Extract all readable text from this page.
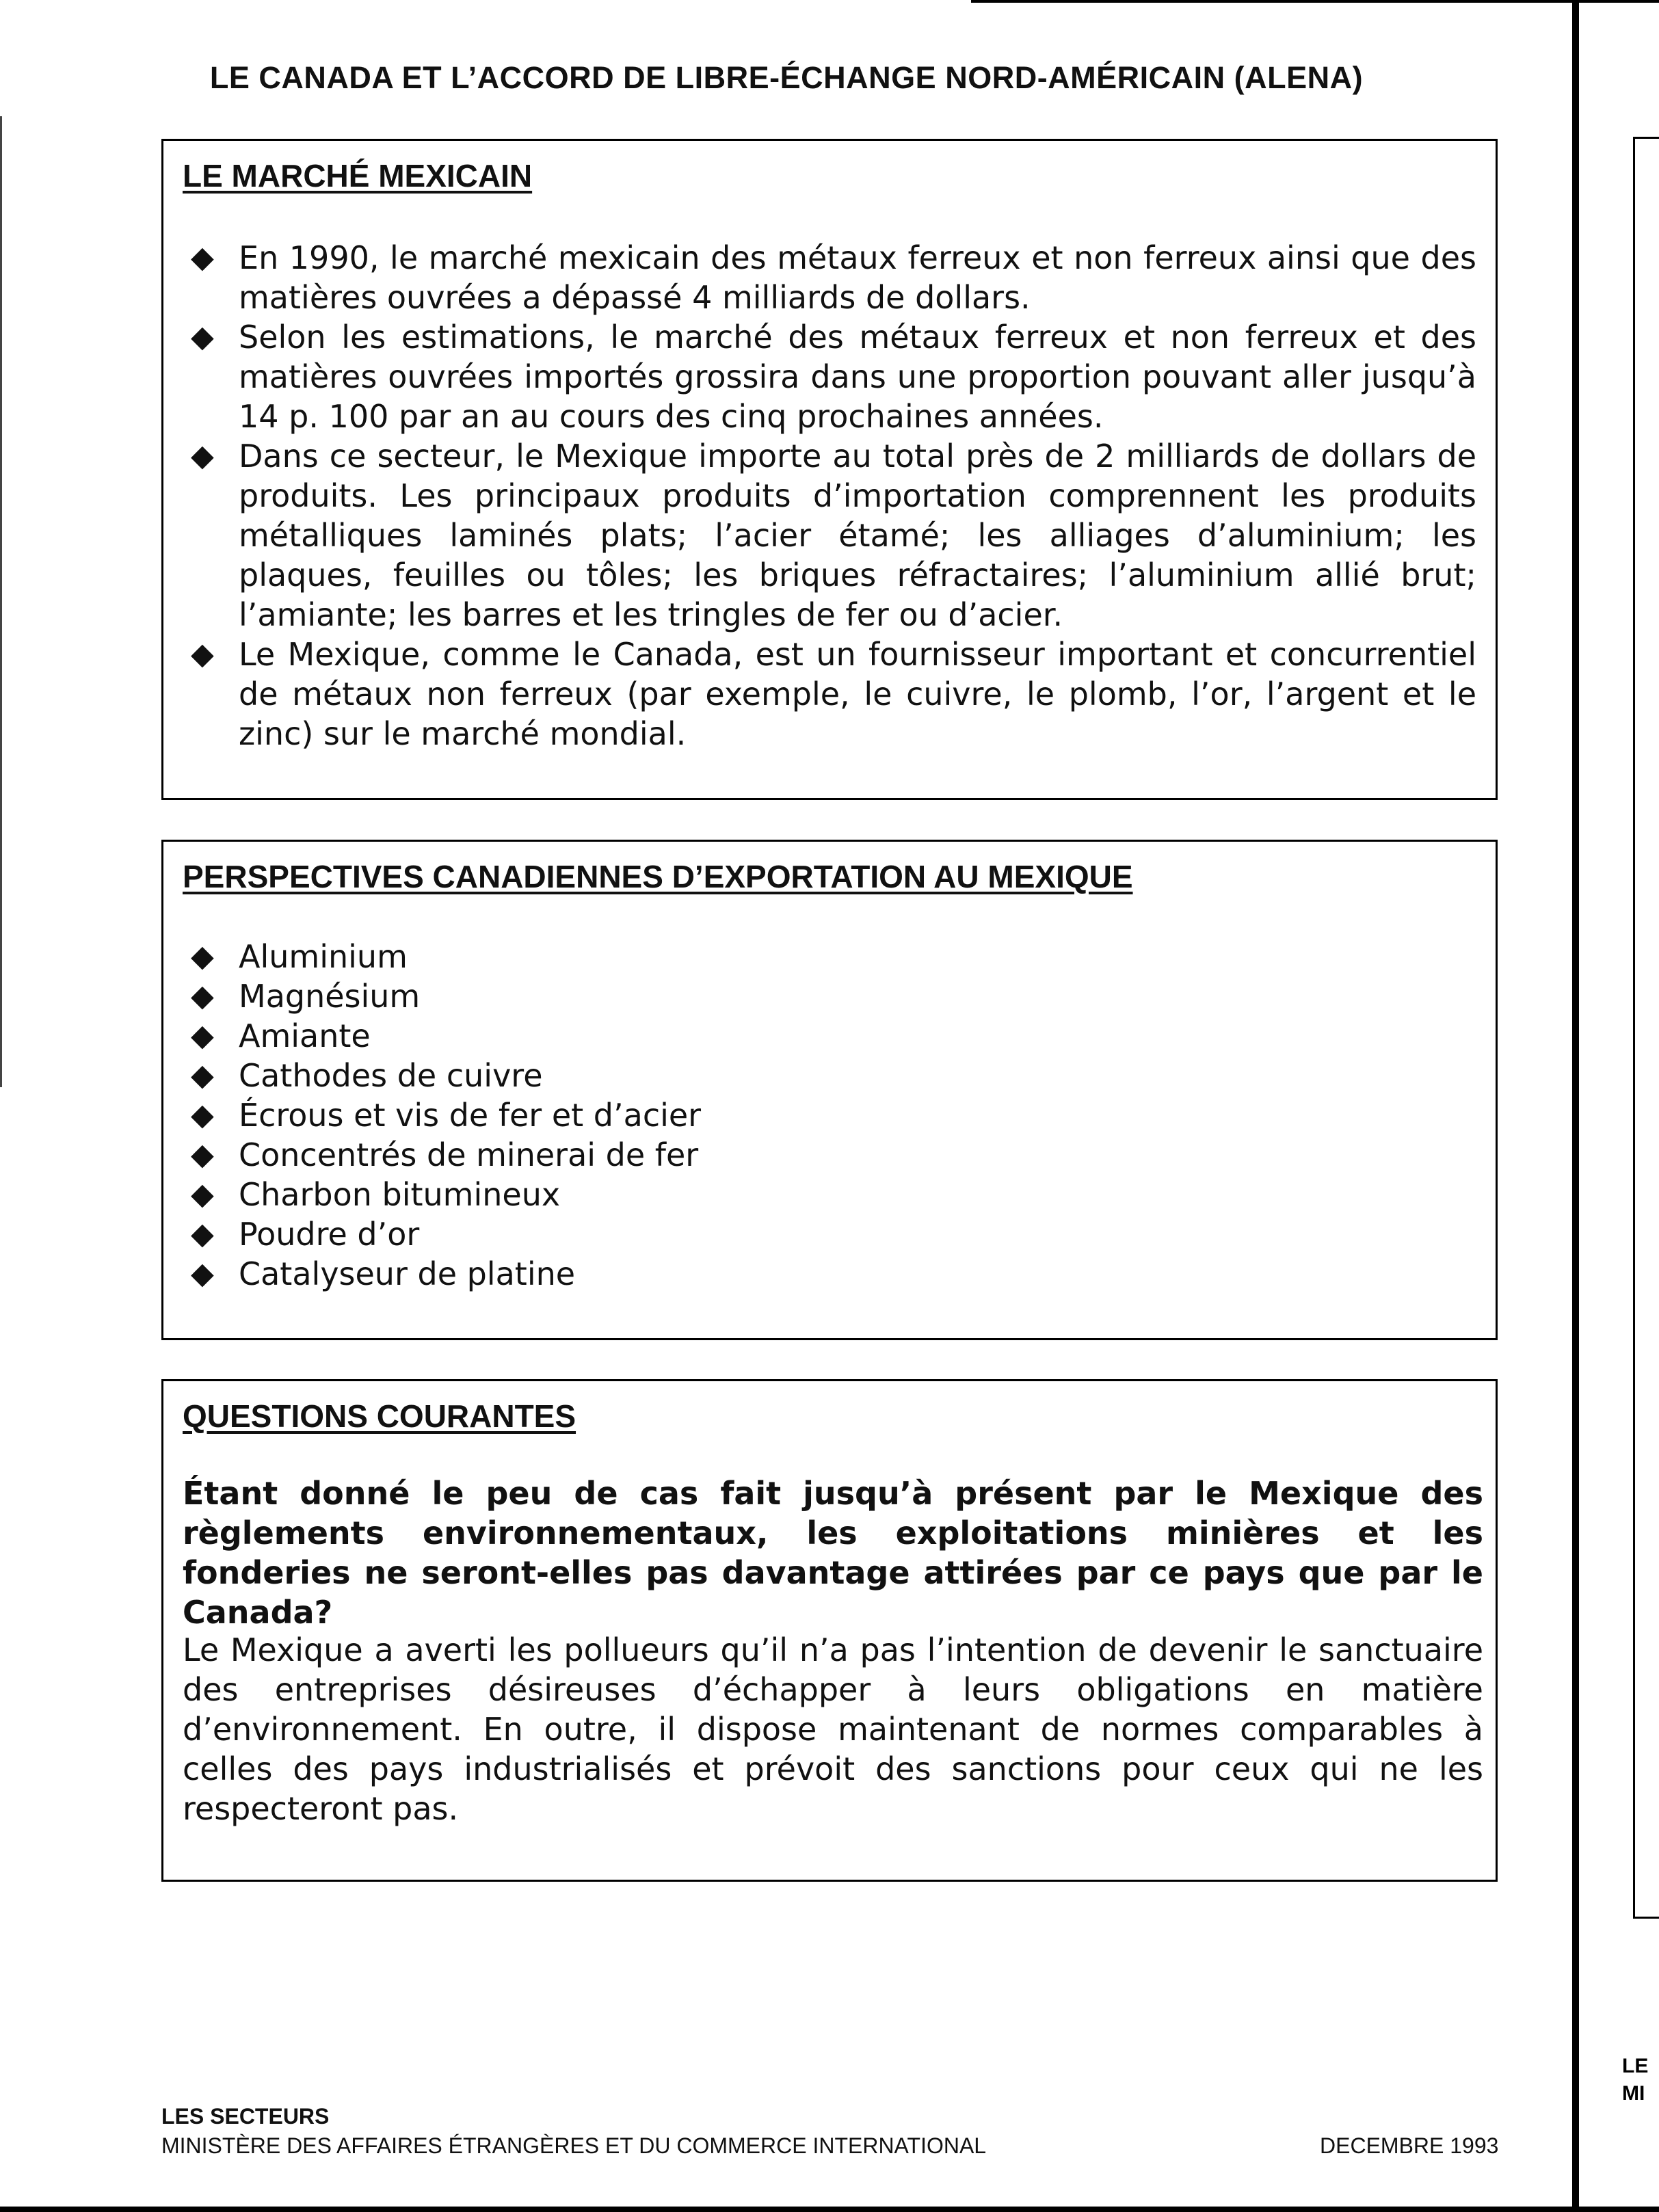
LE
MI
LE CANADA ET L’ACCORD DE LIBRE-ÉCHANGE NORD-AMÉRICAIN (ALENA)
LE MARCHÉ MEXICAIN
◆ En 1990, le marché mexicain des métaux ferreux et non ferreux ainsi que des matières ouvrées a dépassé 4 milliards de dollars.
◆ Selon les estimations, le marché des métaux ferreux et non ferreux et des matières ouvrées importés grossira dans une proportion pouvant aller jusqu’à 14 p. 100 par an au cours des cinq prochaines années.
◆ Dans ce secteur, le Mexique importe au total près de 2 milliards de dollars de produits. Les principaux produits d’importation comprennent les produits métalliques laminés plats; l’acier étamé; les alliages d’aluminium; les plaques, feuilles ou tôles; les briques réfractaires; l’aluminium allié brut; l’amiante; les barres et les tringles de fer ou d’acier.
◆ Le Mexique, comme le Canada, est un fournisseur important et concurrentiel de métaux non ferreux (par exemple, le cuivre, le plomb, l’or, l’argent et le zinc) sur le marché mondial.
PERSPECTIVES CANADIENNES D’EXPORTATION AU MEXIQUE
◆ Aluminium
◆ Magnésium
◆ Amiante
◆ Cathodes de cuivre
◆ Écrous et vis de fer et d’acier
◆ Concentrés de minerai de fer
◆ Charbon bitumineux
◆ Poudre d’or
◆ Catalyseur de platine
QUESTIONS COURANTES

Étant donné le peu de cas fait jusqu’à présent par le Mexique des règlements environnementaux, les exploitations minières et les fonderies ne seront-elles pas davantage attirées par ce pays que par le Canada?

Le Mexique a averti les pollueurs qu’il n’a pas l’intention de devenir le sanctuaire des entreprises désireuses d’échapper à leurs obligations en matière d’environnement. En outre, il dispose maintenant de normes comparables à celles des pays industrialisés et prévoit des sanctions pour ceux qui ne les respecteront pas.

LES SECTEURS
MINISTÈRE DES AFFAIRES ÉTRANGÈRES ET DU COMMERCE INTERNATIONAL	DECEMBRE 1993
